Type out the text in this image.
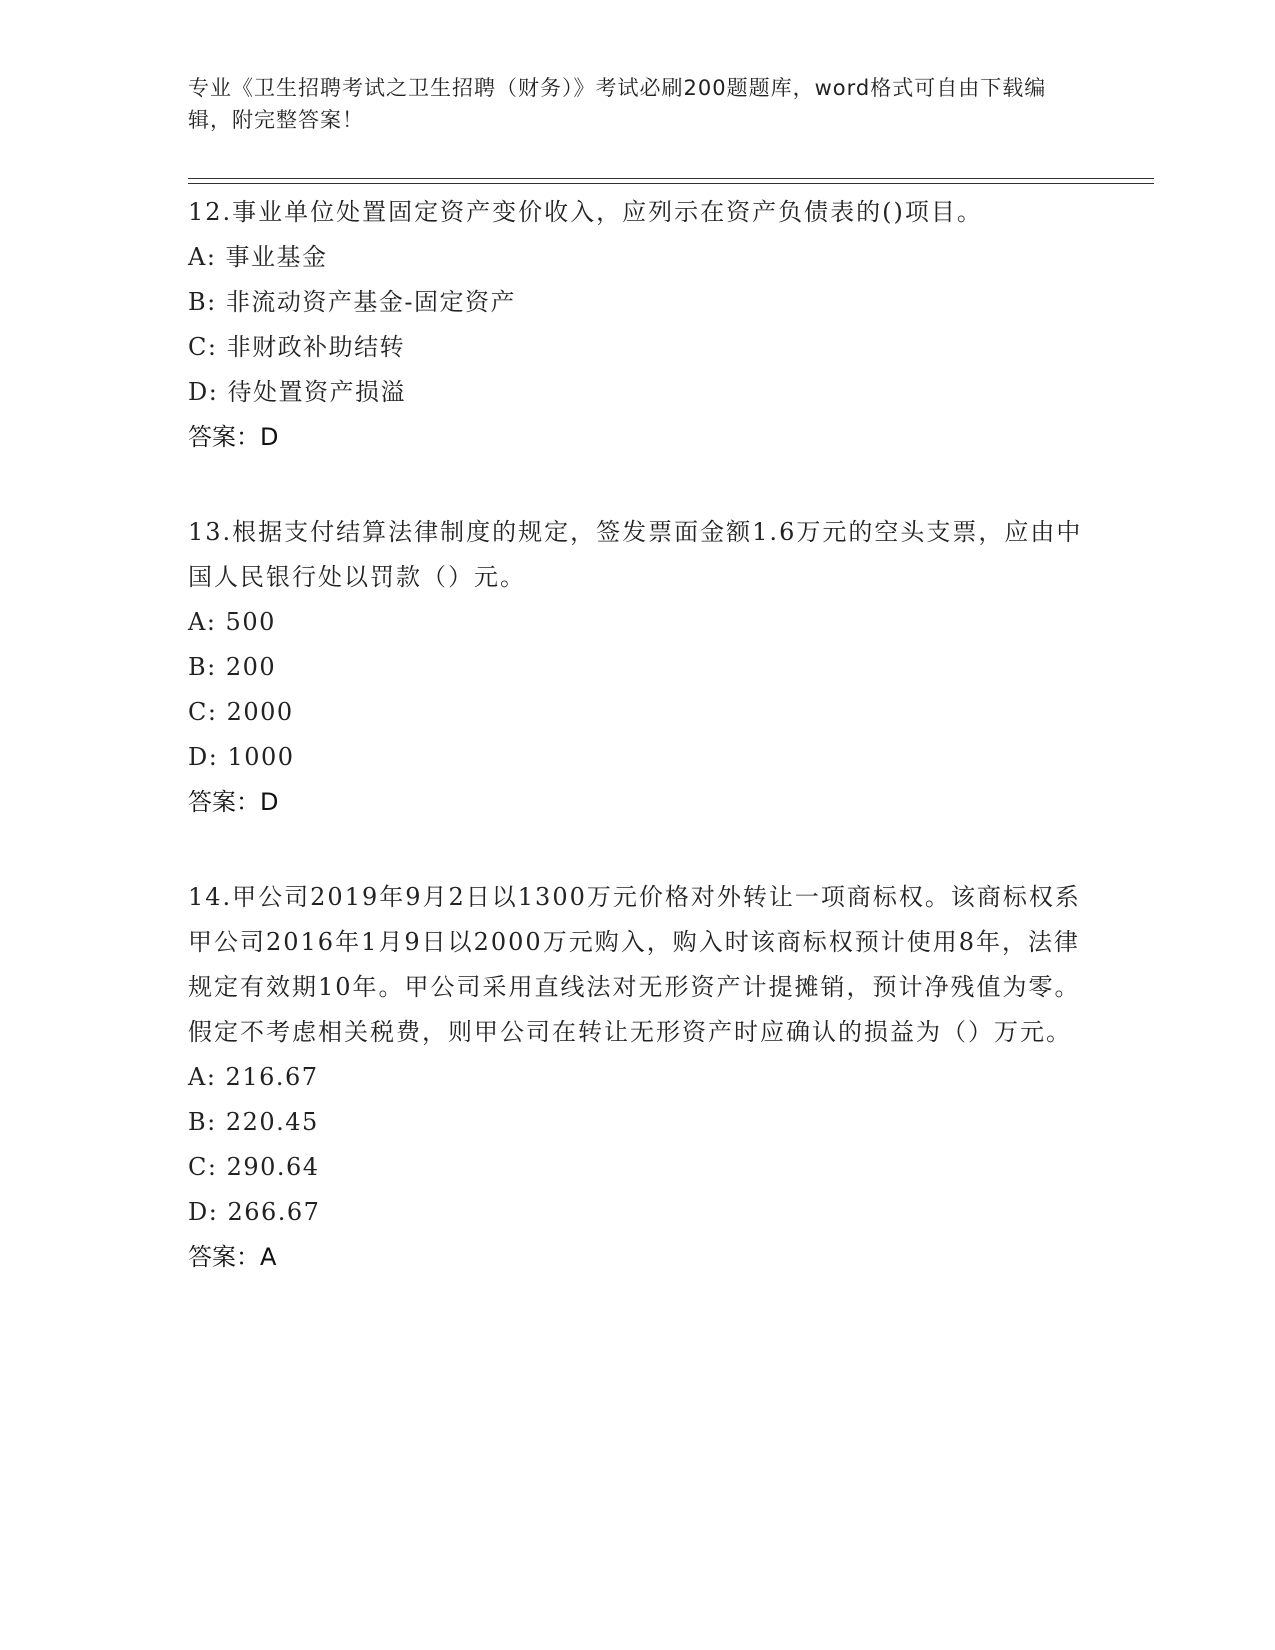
专业《卫生招聘考试之卫生招聘（财务）》考试必刷200题题库，word格式可自由下载编辑，附完整答案！

12.事业单位处置固定资产变价收入，应列示在资产负债表的()项目。

A: 事业基金

B: 非流动资产基金-固定资产

C: 非财政补助结转

D: 待处置资产损溢

答案：D

13.根据支付结算法律制度的规定，签发票面金额1.6万元的空头支票，应由中国人民银行处以罚款（）元。

A: 500

B: 200

C: 2000

D: 1000

答案：D

14.甲公司2019年9月2日以1300万元价格对外转让一项商标权。该商标权系甲公司2016年1月9日以2000万元购入，购入时该商标权预计使用8年，法律规定有效期10年。甲公司采用直线法对无形资产计提摊销，预计净残值为零。假定不考虑相关税费，则甲公司在转让无形资产时应确认的损益为（）万元。

A: 216.67

B: 220.45

C: 290.64

D: 266.67

答案：A
